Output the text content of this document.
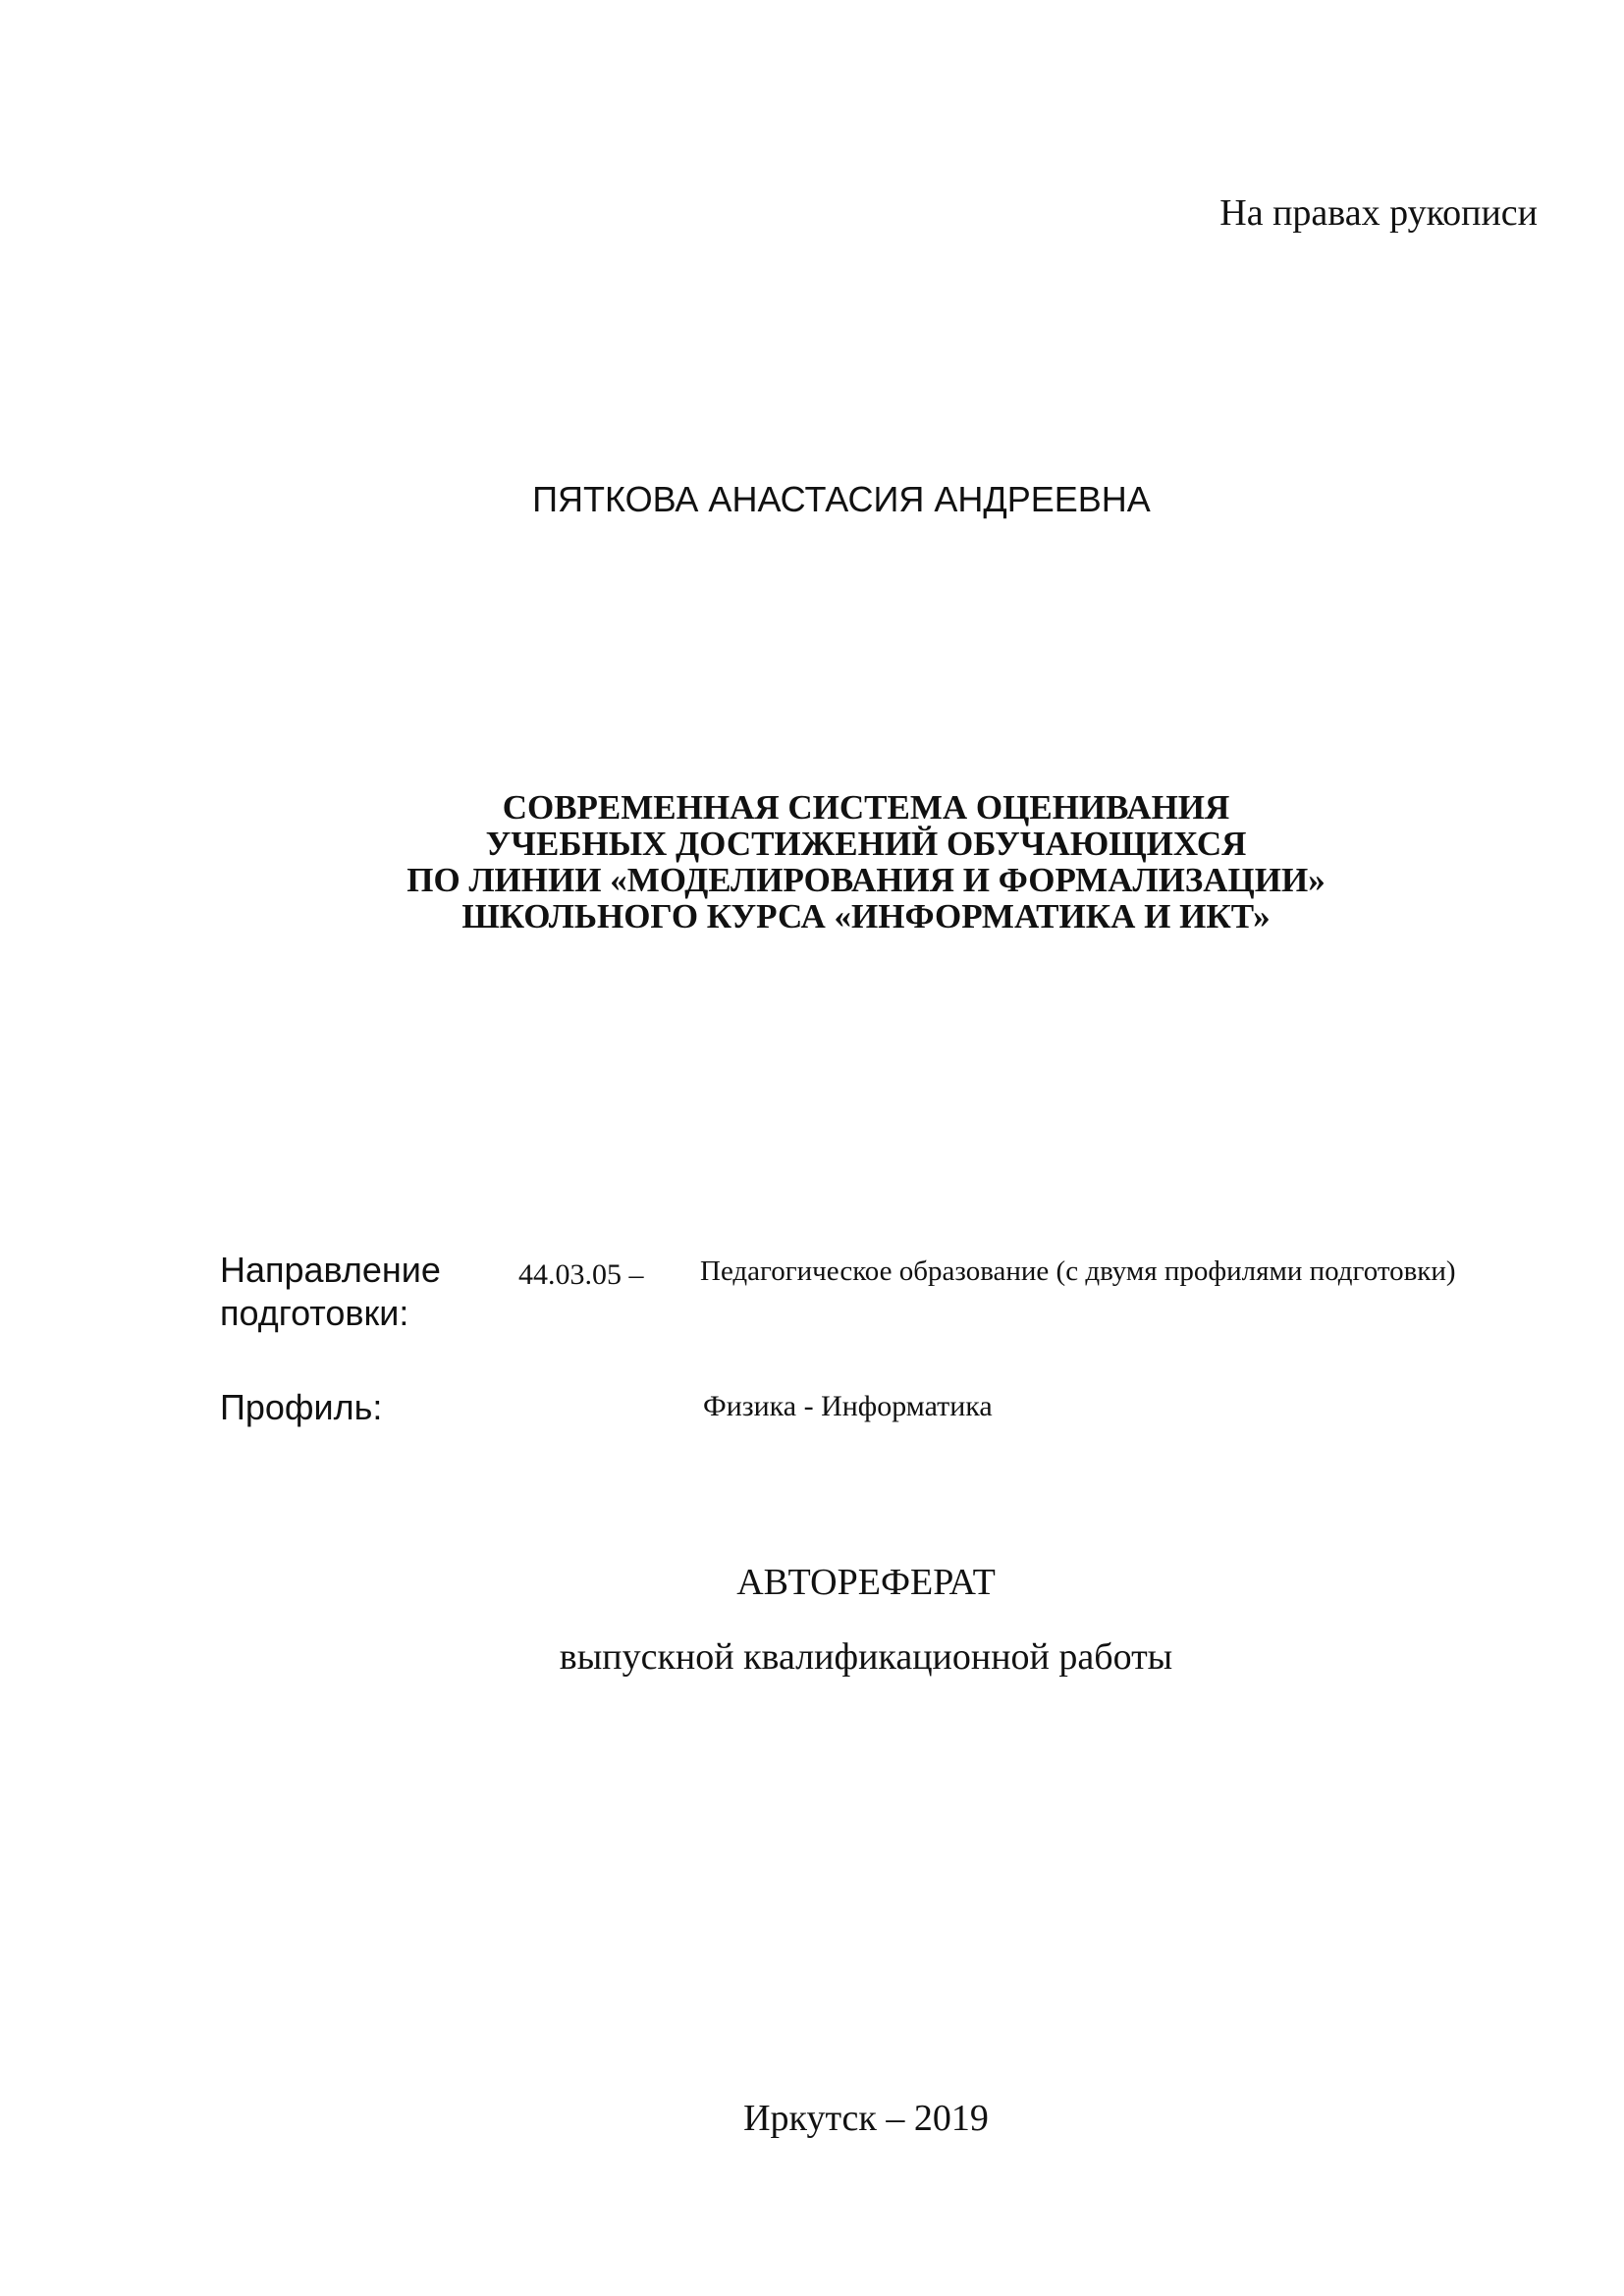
На правах рукописи
ПЯТКОВА АНАСТАСИЯ АНДРЕЕВНА
СОВРЕМЕННАЯ СИСТЕМА ОЦЕНИВАНИЯ
УЧЕБНЫХ ДОСТИЖЕНИЙ ОБУЧАЮЩИХСЯ
ПО ЛИНИИ «МОДЕЛИРОВАНИЯ И ФОРМАЛИЗАЦИИ»
ШКОЛЬНОГО КУРСА «ИНФОРМАТИКА И ИКТ»
Направление
подготовки:
44.03.05 – Педагогическое образование (с двумя профилями подготовки)
Профиль:	Физика - Информатика
АВТОРЕФЕРАТ
выпускной квалификационной работы
Иркутск – 2019
